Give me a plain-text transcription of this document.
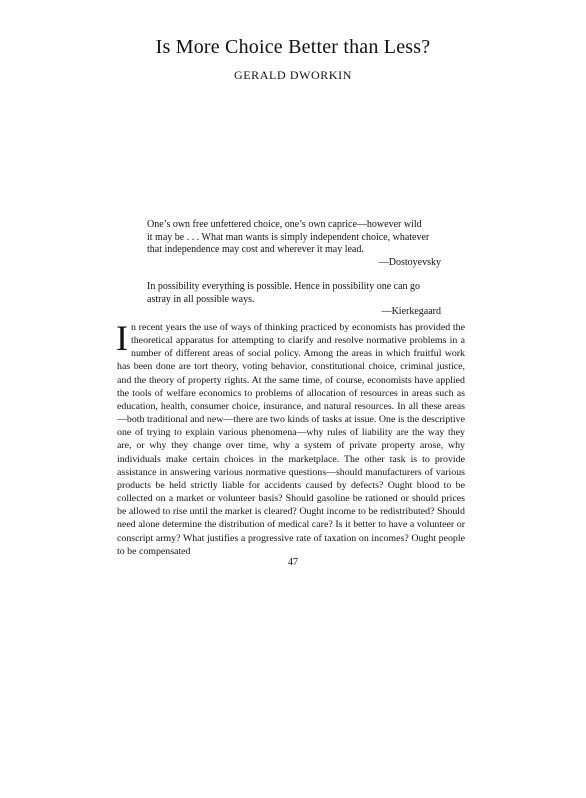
Is More Choice Better than Less?
GERALD DWORKIN

One’s own free unfettered choice, one’s own caprice—however wild

it may be . . . What man wants is simply independent choice, whatever

that independence may cost and wherever it may lead.

—Dostoyevsky

In possibility everything is possible. Hence in possibility one can go

astray in all possible ways.

—Kierkegaard

In recent years the use of ways of thinking practiced by economists has provided the theoretical apparatus for attempting to clarify and resolve normative problems in a number of different areas of social policy. Among the areas in which fruitful work has been done are tort theory, voting behavior, constitutional choice, criminal justice, and the theory of property rights. At the same time, of course, economists have applied the tools of welfare economics to problems of allocation of resources in areas such as education, health, consumer choice, insurance, and natural resources. In all these areas—both traditional and new—there are two kinds of tasks at issue. One is the descriptive one of trying to explain various phenomena—why rules of liability are the way they are, or why they change over time, why a system of private property arose, why individuals make certain choices in the marketplace. The other task is to provide assistance in answering various normative questions—should manufacturers of various products be held strictly liable for accidents caused by defects? Ought blood to be collected on a market or volunteer basis? Should gasoline be rationed or should prices be allowed to rise until the market is cleared? Ought income to be redistributed? Should need alone determine the distribution of medical care? Is it better to have a volunteer or conscript army? What justifies a progressive rate of taxation on incomes? Ought people to be compensated
47
